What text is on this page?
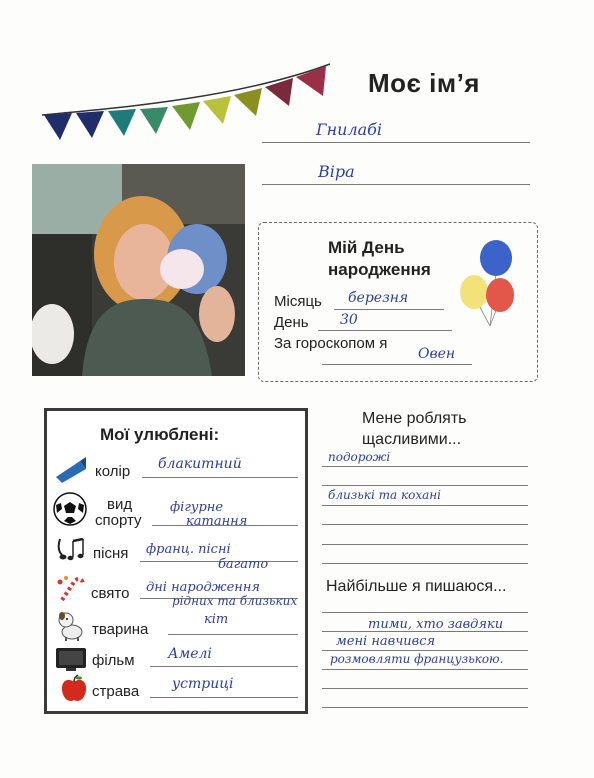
Моє ім’я
Гнилабі
Віра
Мій День
народження
Місяць березня
День 30
За гороскопом я
Овен
Мої улюблені:
колір блакитний
вид
спорту
фігурне
катання
пісня франц. пісні
багато
свято дні народження
рідних та близьких
тварина
кіт
фільм Амелі
страва устриці
Мене роблять
щасливими...
подорожі
близькі та кохані
Найбільше я пишаюся...
тими, хто завдяки
мені навчився
розмовляти французькою.
